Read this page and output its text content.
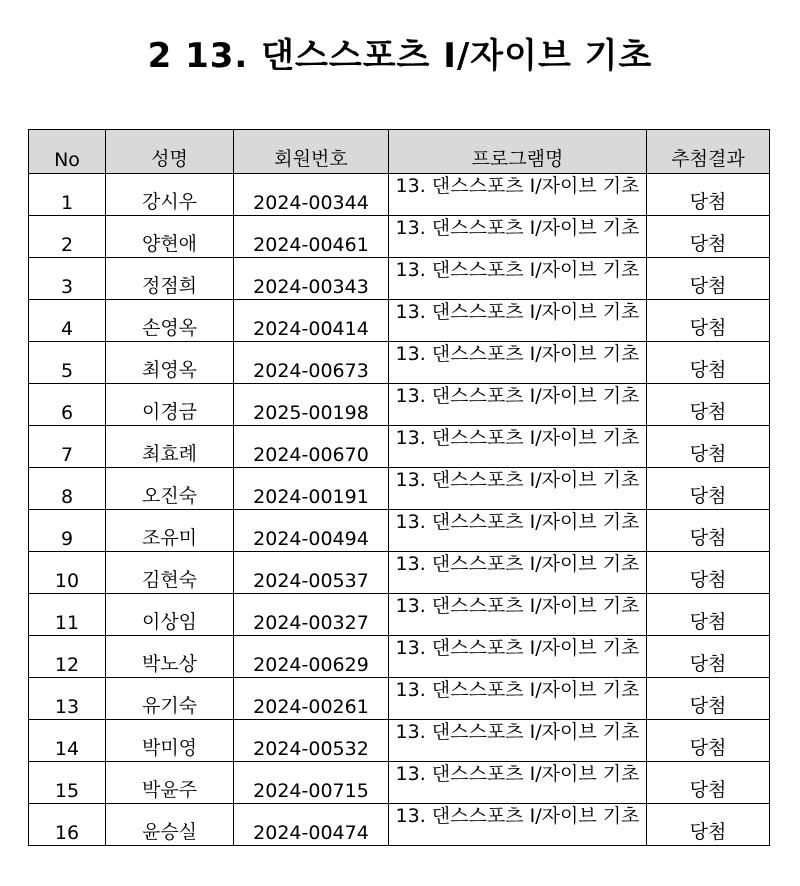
2 13. 댄스스포츠 I/자이브 기초
No	성명	회원번호	프로그램명	추첨결과
1	강시우	2024-00344	13. 댄스스포츠 I/자이브 기초	당첨
2	양현애	2024-00461	13. 댄스스포츠 I/자이브 기초	당첨
3	정점희	2024-00343	13. 댄스스포츠 I/자이브 기초	당첨
4	손영옥	2024-00414	13. 댄스스포츠 I/자이브 기초	당첨
5	최영옥	2024-00673	13. 댄스스포츠 I/자이브 기초	당첨
6	이경금	2025-00198	13. 댄스스포츠 I/자이브 기초	당첨
7	최효례	2024-00670	13. 댄스스포츠 I/자이브 기초	당첨
8	오진숙	2024-00191	13. 댄스스포츠 I/자이브 기초	당첨
9	조유미	2024-00494	13. 댄스스포츠 I/자이브 기초	당첨
10	김현숙	2024-00537	13. 댄스스포츠 I/자이브 기초	당첨
11	이상임	2024-00327	13. 댄스스포츠 I/자이브 기초	당첨
12	박노상	2024-00629	13. 댄스스포츠 I/자이브 기초	당첨
13	유기숙	2024-00261	13. 댄스스포츠 I/자이브 기초	당첨
14	박미영	2024-00532	13. 댄스스포츠 I/자이브 기초	당첨
15	박윤주	2024-00715	13. 댄스스포츠 I/자이브 기초	당첨
16	윤승실	2024-00474	13. 댄스스포츠 I/자이브 기초	당첨
